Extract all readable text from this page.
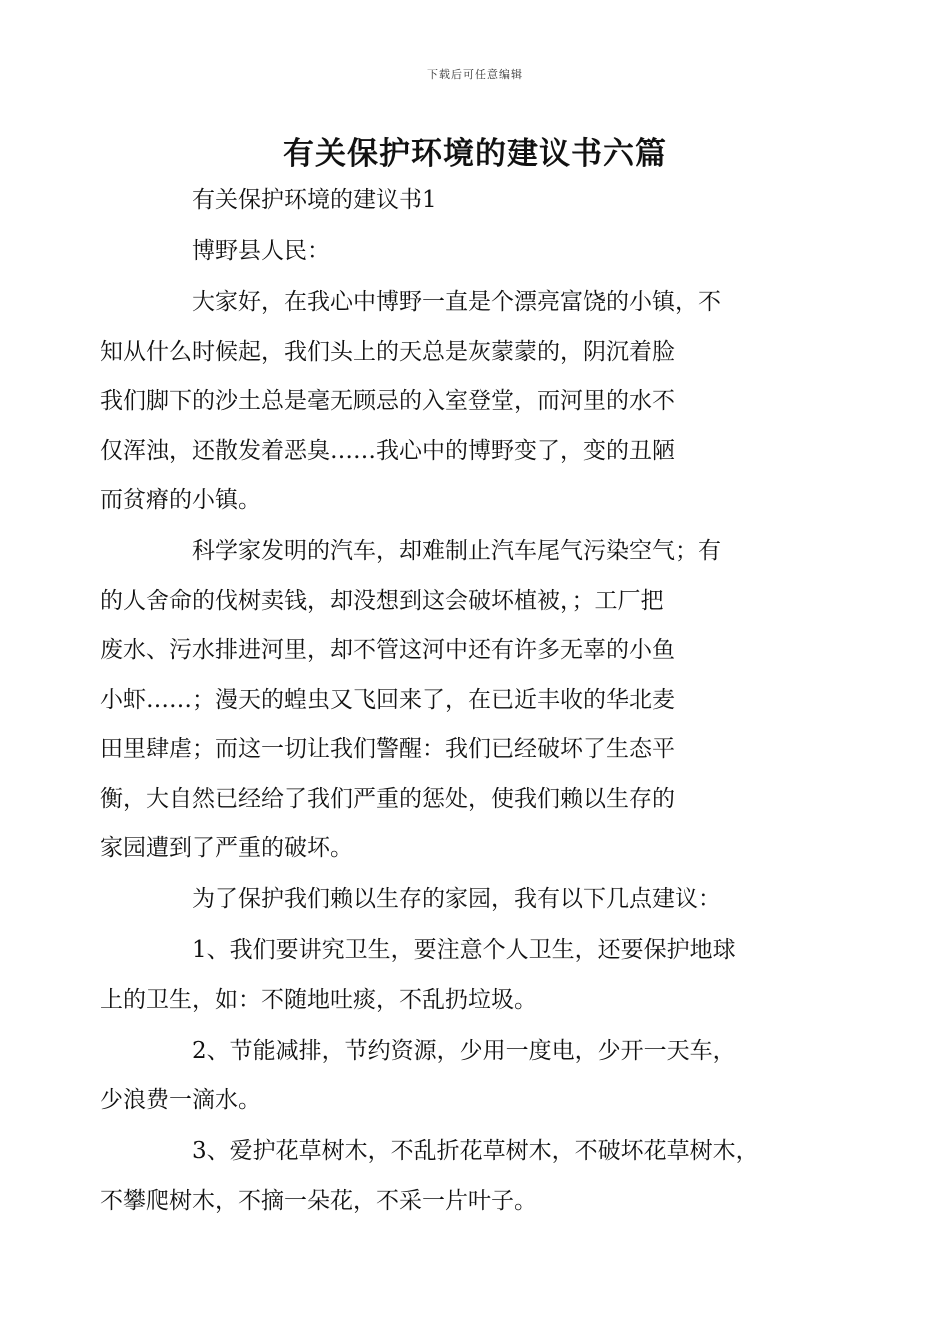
下载后可任意编辑
有关保护环境的建议书六篇

有关保护环境的建议书1

博野县人民：

大家好，在我心中博野一直是个漂亮富饶的小镇，不
知从什么时候起，我们头上的天总是灰蒙蒙的，阴沉着脸
我们脚下的沙土总是毫无顾忌的入室登堂，而河里的水不
仅浑浊，还散发着恶臭……我心中的博野变了，变的丑陋
而贫瘠的小镇。

科学家发明的汽车，却难制止汽车尾气污染空气；有
的人舍命的伐树卖钱，却没想到这会破坏植被，；工厂把
废水、污水排进河里，却不管这河中还有许多无辜的小鱼
小虾……；漫天的蝗虫又飞回来了，在已近丰收的华北麦
田里肆虐；而这一切让我们警醒：我们已经破坏了生态平
衡，大自然已经给了我们严重的惩处，使我们赖以生存的
家园遭到了严重的破坏。

为了保护我们赖以生存的家园，我有以下几点建议：

1、我们要讲究卫生，要注意个人卫生，还要保护地球
上的卫生，如：不随地吐痰，不乱扔垃圾。

2、节能减排，节约资源，少用一度电，少开一天车，
少浪费一滴水。

3、爱护花草树木，不乱折花草树木，不破坏花草树木，
不攀爬树木，不摘一朵花，不采一片叶子。
